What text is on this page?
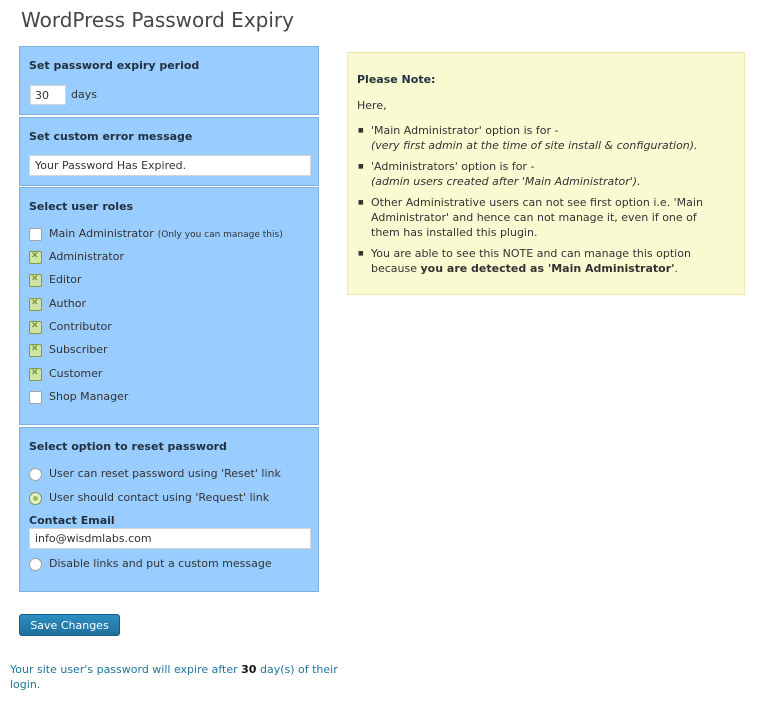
WordPress Password Expiry
Set password expiry period
30
days
Set custom error message
Your Password Has Expired.
Select user roles
Main Administrator (Only you can manage this)
✕
Administrator
✕
Editor
✕
Author
✕
Contributor
✕
Subscriber
✕
Customer
Shop Manager
Select option to reset password
User can reset password using 'Reset' link
User should contact using 'Request' link
Contact Email
info@wisdmlabs.com
Disable links and put a custom message
Save Changes
Your site user's password will expire after 30 day(s) of their login.
Please Note:
Here,
■ 'Main Administrator' option is for -
(very first admin at the time of site install & configuration).
■ 'Administrators' option is for -
(admin users created after 'Main Administrator').
■ Other Administrative users can not see first option i.e. 'Main Administrator' and hence can not manage it, even if one of them has installed this plugin.
■ You are able to see this NOTE and can manage this option because you are detected as 'Main Administrator'.
